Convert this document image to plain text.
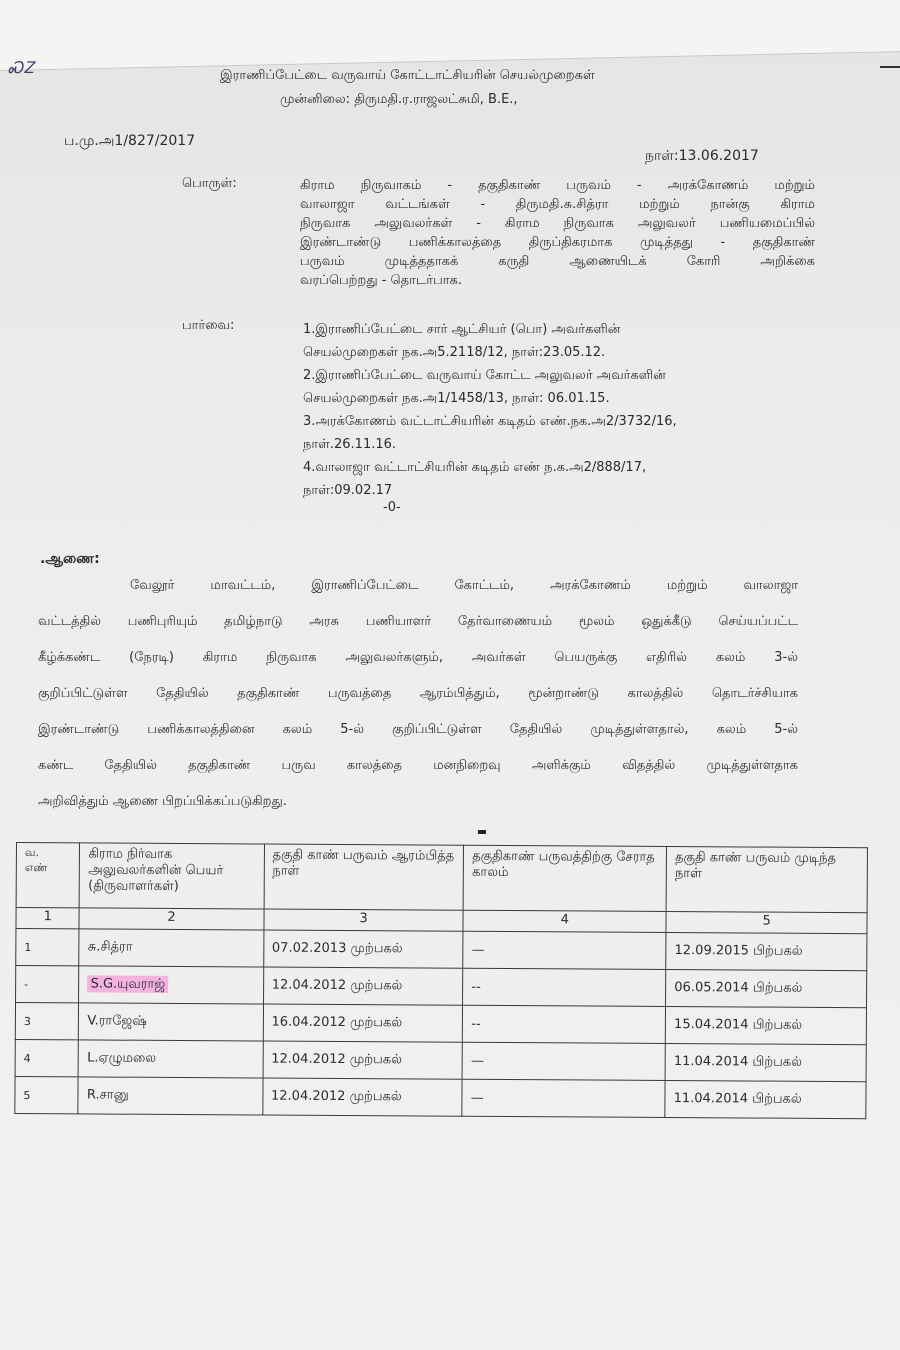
ᏍᏃ	இராணிப்பேட்டை வருவாய் கோட்டாட்சியரின் செயல்முறைகள்
முன்னிலை: திருமதி.ர.ராஜலட்சுமி, B.E.,
ப.மு.அ1/827/2017
நாள்:13.06.2017
பொருள்:	கிராம நிருவாகம் - தகுதிகாண் பருவம் - அரக்கோணம் மற்றும்
வாலாஜா வட்டங்கள் - திருமதி.சு.சித்ரா மற்றும் நான்கு கிராம
நிருவாக அலுவலர்கள் - கிராம நிருவாக அலுவலர் பணியமைப்பில்
இரண்டாண்டு பணிக்காலத்தை திருப்திகரமாக முடித்தது - தகுதிகாண்
பருவம் முடித்ததாகக் கருதி ஆணையிடக் கோரி அறிக்கை
வரப்பெற்றது - தொடர்பாக.
பார்வை:	1.இராணிப்பேட்டை சார் ஆட்சியர் (பொ) அவர்களின்
செயல்முறைகள் நக.அ5.2118/12, நாள்:23.05.12.
2.இராணிப்பேட்டை வருவாய் கோட்ட அலுவலர் அவர்களின்
செயல்முறைகள் நக.அ1/1458/13, நாள்: 06.01.15.
3.அரக்கோணம் வட்டாட்சியரின் கடிதம் எண்.நக.அ2/3732/16,
நாள்.26.11.16.
4.வாலாஜா வட்டாட்சியரின் கடிதம் எண் ந.க.அ2/888/17,
நாள்:09.02.17
-0-
.ஆணை:
வேலூர் மாவட்டம், இராணிப்பேட்டை கோட்டம், அரக்கோணம் மற்றும் வாலாஜா
வட்டத்தில் பணிபுரியும் தமிழ்நாடு அரசு பணியாளர் தேர்வாணையம் மூலம் ஒதுக்கீடு செய்யப்பட்ட
கீழ்க்கண்ட (நேரடி) கிராம நிருவாக அலுவலர்களும், அவர்கள் பெயருக்கு எதிரில் கலம் 3-ல்
குறிப்பிட்டுள்ள தேதியில் தகுதிகாண் பருவத்தை ஆரம்பித்தும், மூன்றாண்டு காலத்தில் தொடர்ச்சியாக
இரண்டாண்டு பணிக்காலத்தினை கலம் 5-ல் குறிப்பிட்டுள்ள தேதியில் முடித்துள்ளதால், கலம் 5-ல்
கண்ட தேதியில் தகுதிகாண் பருவ காலத்தை மனநிறைவு அளிக்கும் விதத்தில் முடித்துள்ளதாக
அறிவித்தும் ஆணை பிறப்பிக்கப்படுகிறது.
வ.
எண்	கிராம நிர்வாக அலுவலர்களின் பெயர் (திருவாளர்கள்)	தகுதி காண் பருவம் ஆரம்பித்த நாள்	தகுதிகாண் பருவத்திற்கு சேராத காலம்	தகுதி காண் பருவம் முடிந்த நாள்
1	2	3	4	5
1	சு.சித்ரா	07.02.2013 முற்பகல்	—	12.09.2015 பிற்பகல்
-	S.G.யுவராஜ்	12.04.2012 முற்பகல்	--	06.05.2014 பிற்பகல்
3	V.ராஜேஷ்	16.04.2012 முற்பகல்	--	15.04.2014 பிற்பகல்
4	L.ஏழுமலை	12.04.2012 முற்பகல்	—	11.04.2014 பிற்பகல்
5	R.சானு	12.04.2012 முற்பகல்	—	11.04.2014 பிற்பகல்
